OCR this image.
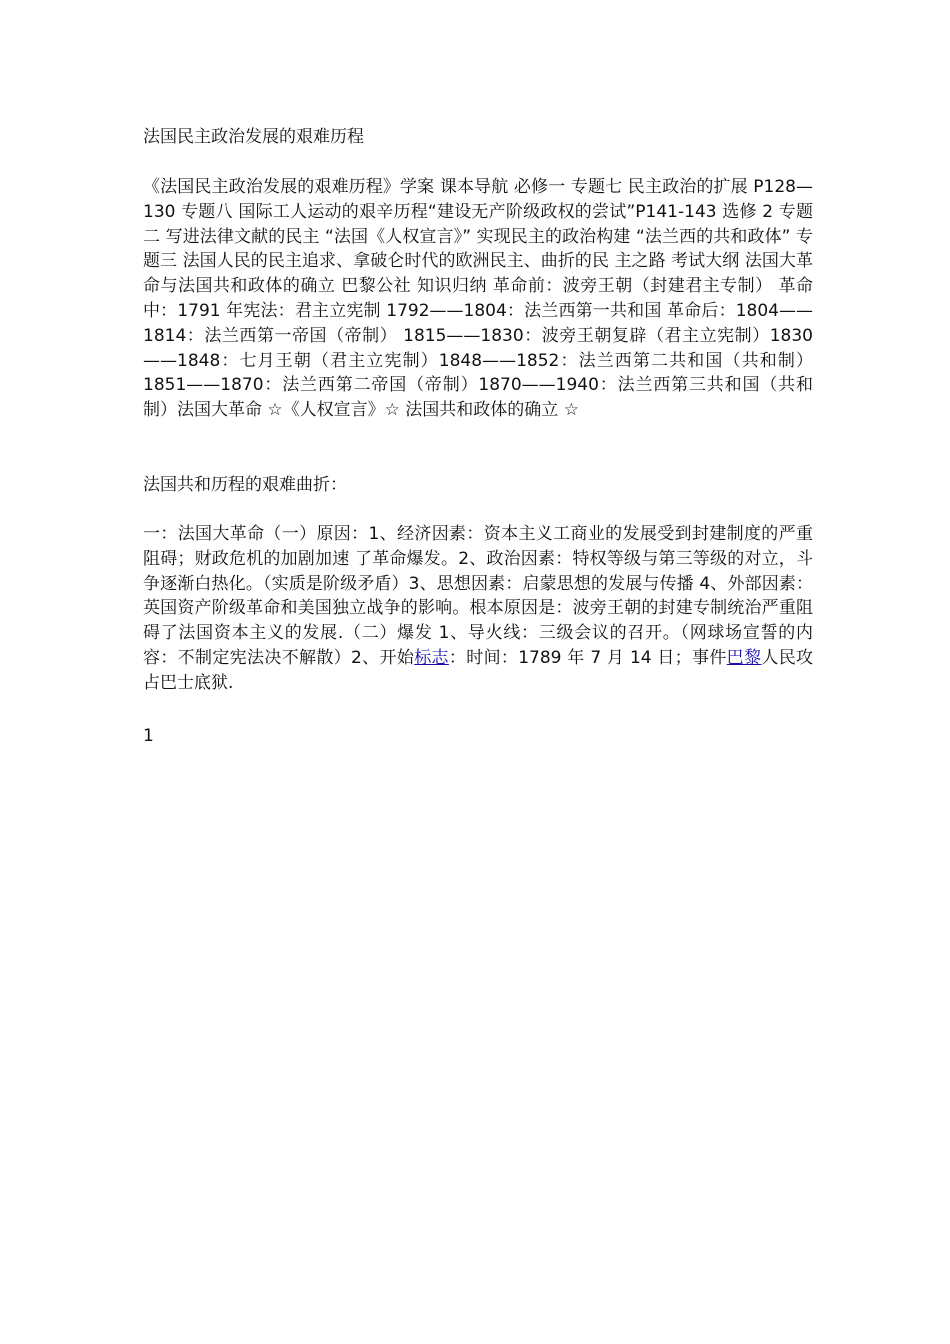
法国民主政治发展的艰难历程

《法国民主政治发展的艰难历程》学案 课本导航 必修一 专题七 民主政治的扩展 P128—130 专题八 国际工人运动的艰辛历程“建设无产阶级政权的尝试”P141-143 选修 2 专题二 写进法律文献的民主 “法国《人权宣言》” 实现民主的政治构建 “法兰西的共和政体” 专题三 法国人民的民主追求、拿破仑时代的欧洲民主、曲折的民 主之路 考试大纲 法国大革命与法国共和政体的确立 巴黎公社 知识归纳 革命前：波旁王朝（封建君主专制） 革命中：1791 年宪法：君主立宪制 1792——1804：法兰西第一共和国 革命后：1804——1814：法兰西第一帝国（帝制） 1815——1830：波旁王朝复辟（君主立宪制）1830——1848：七月王朝（君主立宪制）1848——1852：法兰西第二共和国（共和制）1851——1870：法兰西第二帝国（帝制）1870——1940：法兰西第三共和国（共和制）法国大革命 ☆《人权宣言》☆ 法国共和政体的确立 ☆

法国共和历程的艰难曲折：

一：法国大革命（一）原因：1、经济因素：资本主义工商业的发展受到封建制度的严重阻碍；财政危机的加剧加速 了革命爆发。2、政治因素：特权等级与第三等级的对立，斗争逐渐白热化。（实质是阶级矛盾）3、思想因素：启蒙思想的发展与传播 4、外部因素：英国资产阶级革命和美国独立战争的影响。根本原因是：波旁王朝的封建专制统治严重阻碍了法国资本主义的发展.（二）爆发 1、导火线：三级会议的召开。（网球场宣誓的内容：不制定宪法决不解散）2、开始标志：时间：1789 年 7 月 14 日；事件巴黎人民攻占巴士底狱.

1
